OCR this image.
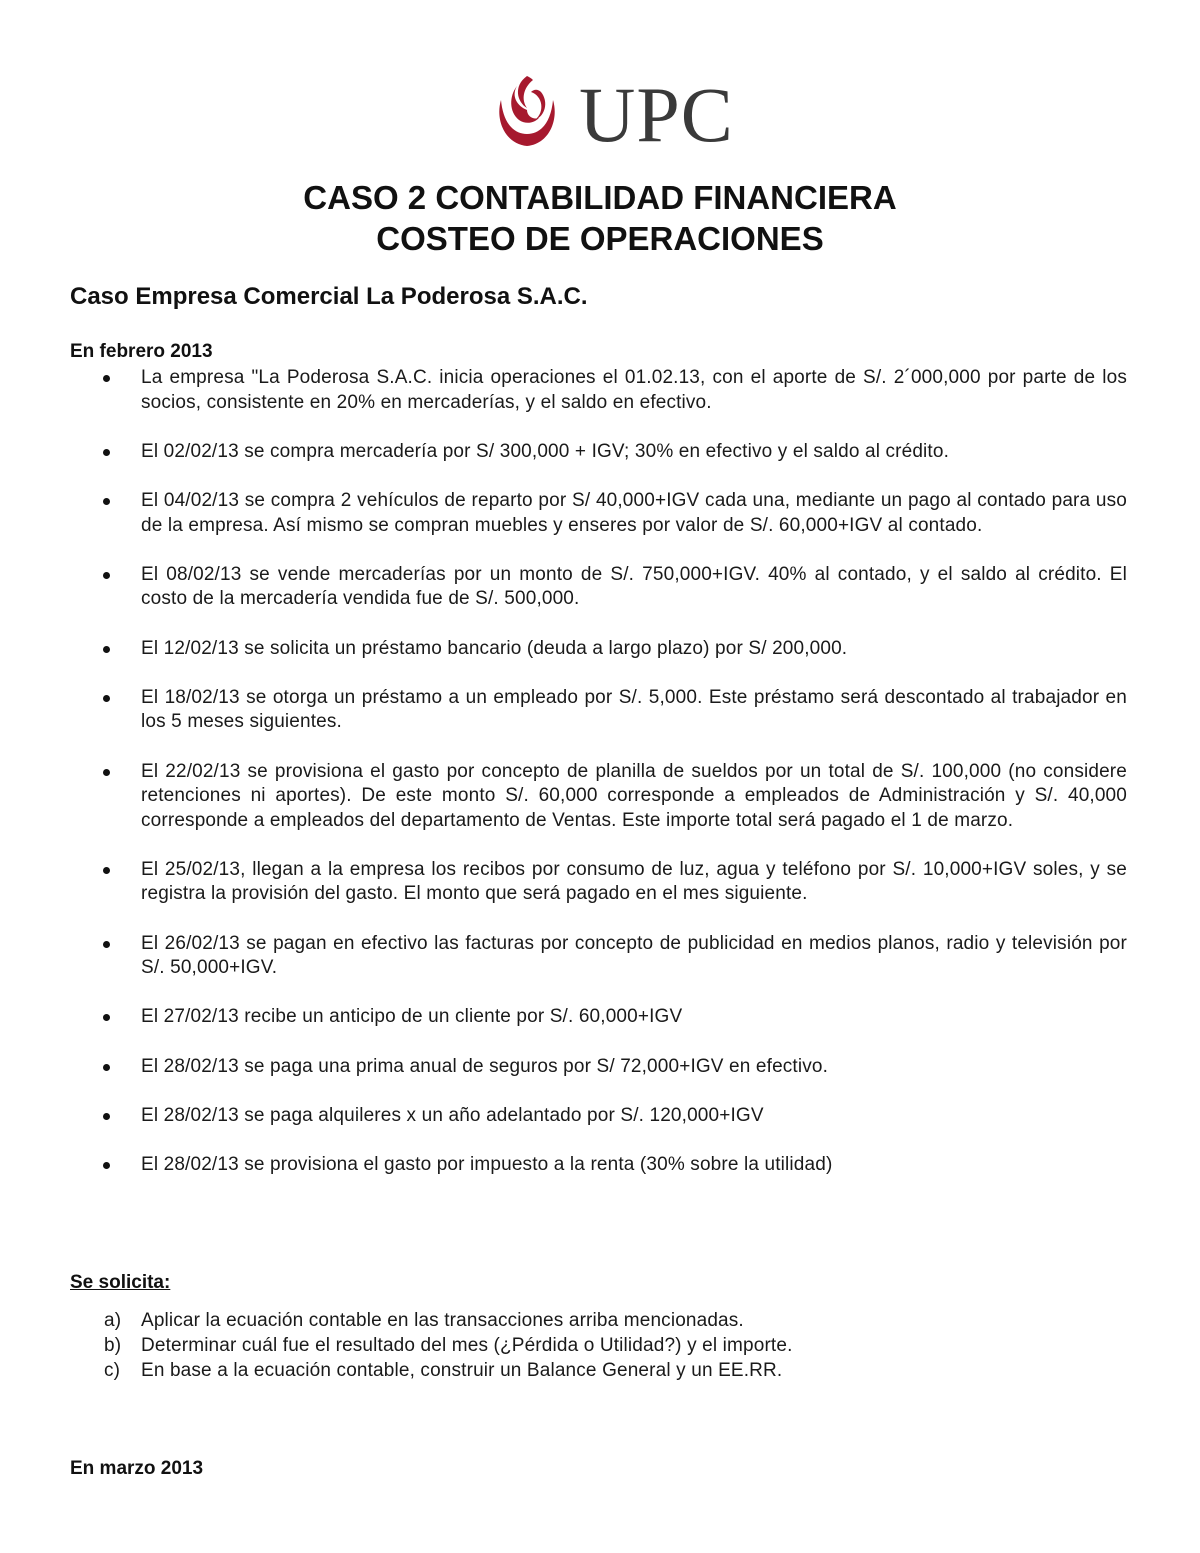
UPC
CASO 2 CONTABILIDAD FINANCIERA
COSTEO DE OPERACIONES
Caso Empresa Comercial La Poderosa S.A.C.
En febrero 2013
La empresa "La Poderosa S.A.C. inicia operaciones el 01.02.13, con el aporte de S/. 2´000,000 por parte de los socios, consistente en 20% en mercaderías, y el saldo en efectivo.
El 02/02/13 se compra mercadería por S/ 300,000 + IGV; 30% en efectivo y el saldo al crédito.
El 04/02/13 se compra 2 vehículos de reparto por S/ 40,000+IGV cada una, mediante un pago al contado para uso de la empresa. Así mismo se compran muebles y enseres por valor de S/. 60,000+IGV al contado.
El 08/02/13 se vende mercaderías por un monto de S/. 750,000+IGV. 40% al contado, y el saldo al crédito. El costo de la mercadería vendida fue de S/. 500,000.
El 12/02/13 se solicita un préstamo bancario (deuda a largo plazo) por S/ 200,000.
El 18/02/13 se otorga un préstamo a un empleado por S/. 5,000. Este préstamo será descontado al trabajador en los 5 meses siguientes.
El 22/02/13 se provisiona el gasto por concepto de planilla de sueldos por un total de S/. 100,000 (no considere retenciones ni aportes). De este monto S/. 60,000 corresponde a empleados de Administración y S/. 40,000 corresponde a empleados del departamento de Ventas. Este importe total será pagado el 1 de marzo.
El 25/02/13, llegan a la empresa los recibos por consumo de luz, agua y teléfono por S/. 10,000+IGV soles, y se registra la provisión del gasto. El monto que será pagado en el mes siguiente.
El 26/02/13 se pagan en efectivo las facturas por concepto de publicidad en medios planos, radio y televisión por S/. 50,000+IGV.
El 27/02/13 recibe un anticipo de un cliente por S/. 60,000+IGV
El 28/02/13 se paga una prima anual de seguros por S/ 72,000+IGV en efectivo.
El 28/02/13 se paga alquileres x un año adelantado por S/. 120,000+IGV
El 28/02/13 se provisiona el gasto por impuesto a la renta (30% sobre la utilidad)
Se solicita:
a) Aplicar la ecuación contable en las transacciones arriba mencionadas.
b) Determinar cuál fue el resultado del mes (¿Pérdida o Utilidad?) y el importe.
c) En base a la ecuación contable, construir un Balance General y un EE.RR.
En marzo 2013
